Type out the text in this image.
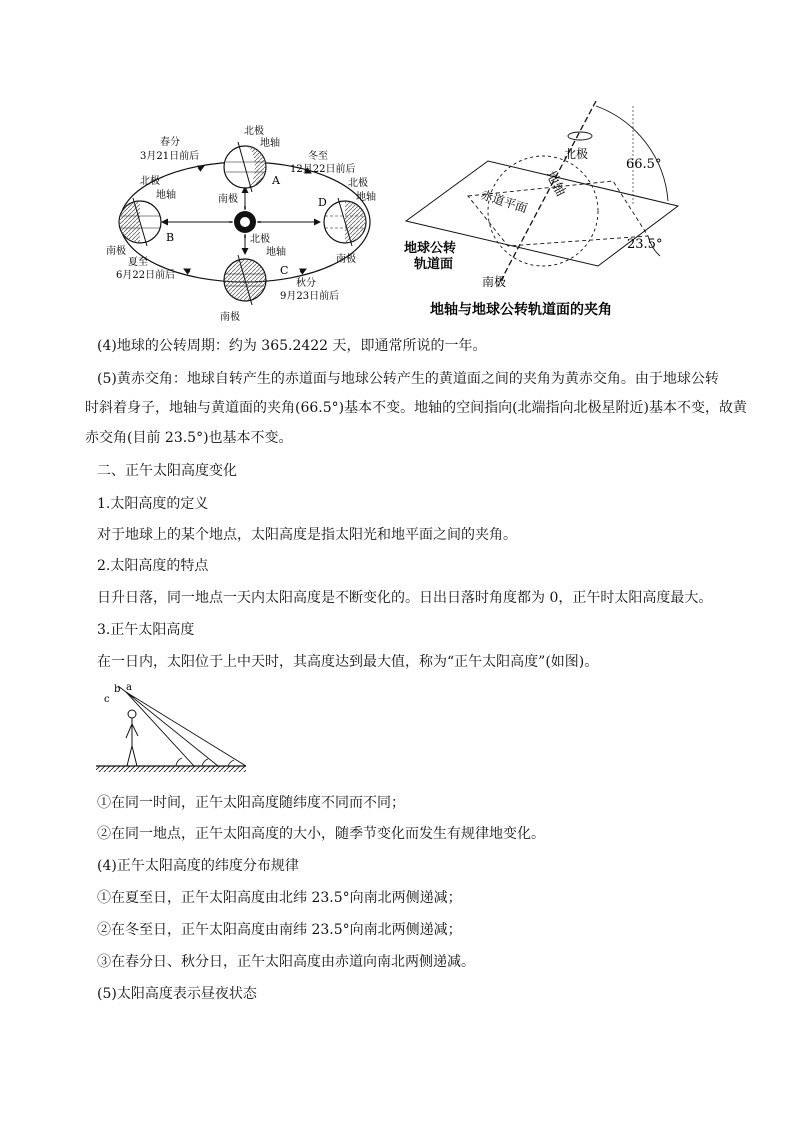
春分
3月21日前后
北极
地轴
A
南极
冬至
12月22日前后
北极
地轴
D
南极
北极
地轴
B
南极
夏至
6月22日前后
北极
地轴
C
秋分
9月23日前后
南极
北极
地轴
赤道平面
66.5°
23.5°
地球公转
轨道面
南极
地轴与地球公转轨道面的夹角

(4)地球的公转周期：约为 365.2422 天，即通常所说的一年。

(5)黄赤交角：地球自转产生的赤道面与地球公转产生的黄道面之间的夹角为黄赤交角。由于地球公转

时斜着身子，地轴与黄道面的夹角(66.5°)基本不变。地轴的空间指向(北端指向北极星附近)基本不变，故黄

赤交角(目前 23.5°)也基本不变。

二、正午太阳高度变化

1.太阳高度的定义

对于地球上的某个地点，太阳高度是指太阳光和地平面之间的夹角。

2.太阳高度的特点

日升日落，同一地点一天内太阳高度是不断变化的。日出日落时角度都为 0，正午时太阳高度最大。

3.正午太阳高度

在一日内，太阳位于上中天时，其高度达到最大值，称为“正午太阳高度”(如图)。

b a
c

①在同一时间，正午太阳高度随纬度不同而不同；

②在同一地点，正午太阳高度的大小，随季节变化而发生有规律地变化。

(4)正午太阳高度的纬度分布规律

①在夏至日，正午太阳高度由北纬 23.5°向南北两侧递减；

②在冬至日，正午太阳高度由南纬 23.5°向南北两侧递减；

③在春分日、秋分日，正午太阳高度由赤道向南北两侧递减。

(5)太阳高度表示昼夜状态
